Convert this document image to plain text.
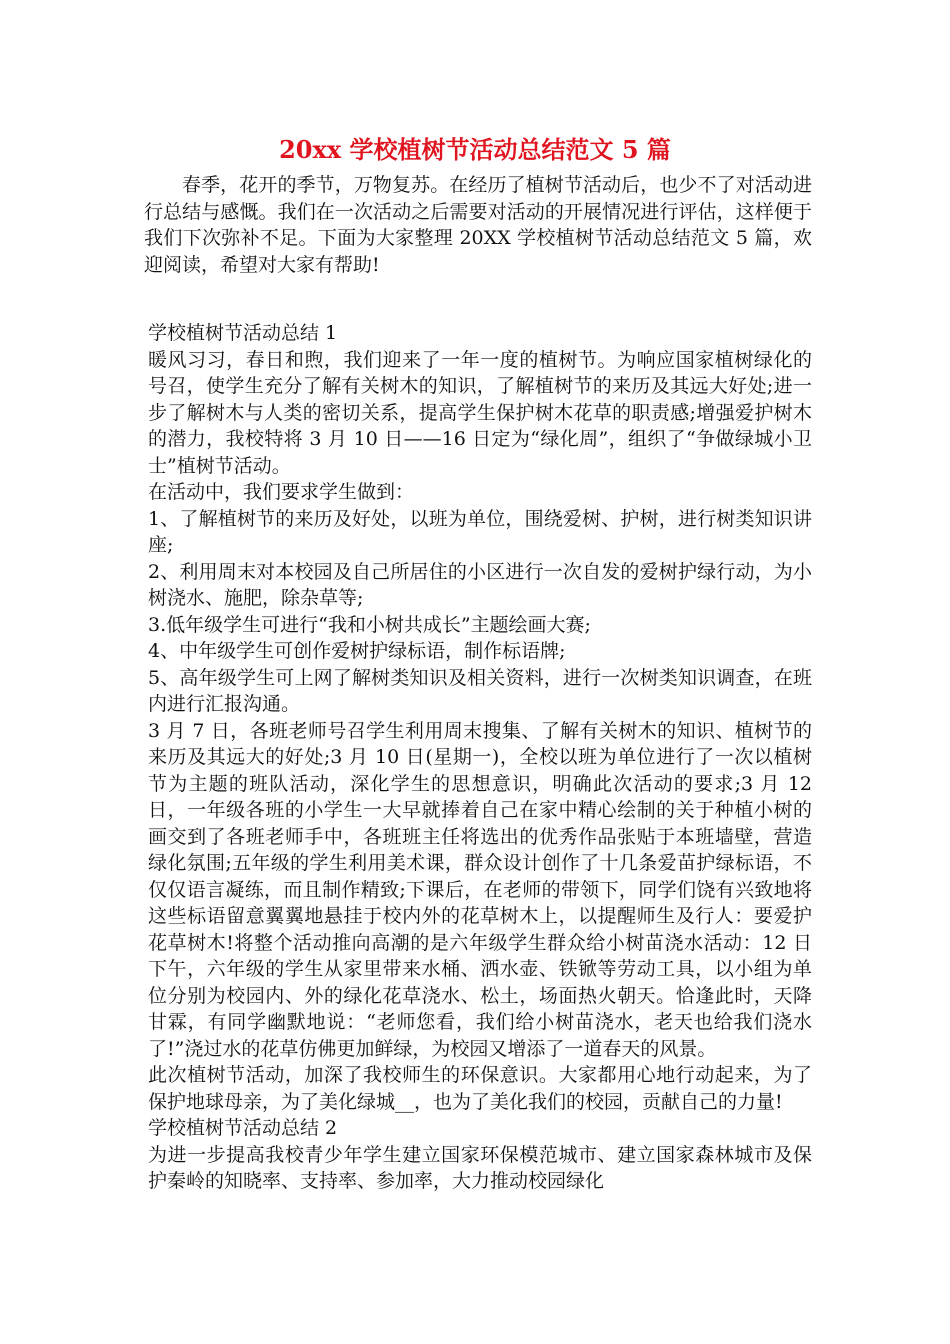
20xx 学校植树节活动总结范文 5 篇

春季，花开的季节，万物复苏。在经历了植树节活动后，也少不了对活动进行总结与感慨。我们在一次活动之后需要对活动的开展情况进行评估，这样便于我们下次弥补不足。下面为大家整理 20XX 学校植树节活动总结范文 5 篇，欢迎阅读，希望对大家有帮助!

学校植树节活动总结 1

暖风习习，春日和煦，我们迎来了一年一度的植树节。为响应国家植树绿化的号召，使学生充分了解有关树木的知识，了解植树节的来历及其远大好处;进一步了解树木与人类的密切关系，提高学生保护树木花草的职责感;增强爱护树木的潜力，我校特将 3 月 10 日——16 日定为“绿化周”，组织了“争做绿城小卫士”植树节活动。

在活动中，我们要求学生做到：

1、了解植树节的来历及好处，以班为单位，围绕爱树、护树，进行树类知识讲座;

2、利用周末对本校园及自己所居住的小区进行一次自发的爱树护绿行动，为小树浇水、施肥，除杂草等;

3.低年级学生可进行“我和小树共成长”主题绘画大赛;

4、中年级学生可创作爱树护绿标语，制作标语牌;

5、高年级学生可上网了解树类知识及相关资料，进行一次树类知识调查，在班内进行汇报沟通。

3 月 7 日，各班老师号召学生利用周末搜集、了解有关树木的知识、植树节的来历及其远大的好处;3 月 10 日(星期一)，全校以班为单位进行了一次以植树节为主题的班队活动，深化学生的思想意识，明确此次活动的要求;3 月 12 日，一年级各班的小学生一大早就捧着自己在家中精心绘制的关于种植小树的画交到了各班老师手中，各班班主任将选出的优秀作品张贴于本班墙壁，营造绿化氛围;五年级的学生利用美术课，群众设计创作了十几条爱苗护绿标语，不仅仅语言凝练，而且制作精致;下课后，在老师的带领下，同学们饶有兴致地将这些标语留意翼翼地悬挂于校内外的花草树木上，以提醒师生及行人：要爱护花草树木!将整个活动推向高潮的是六年级学生群众给小树苗浇水活动：12 日下午，六年级的学生从家里带来水桶、洒水壶、铁锨等劳动工具，以小组为单位分别为校园内、外的绿化花草浇水、松土，场面热火朝天。恰逢此时，天降甘霖，有同学幽默地说：“老师您看，我们给小树苗浇水，老天也给我们浇水了!”浇过水的花草仿佛更加鲜绿，为校园又增添了一道春天的风景。

此次植树节活动，加深了我校师生的环保意识。大家都用心地行动起来，为了保护地球母亲，为了美化绿城__，也为了美化我们的校园，贡献自己的力量!

学校植树节活动总结 2

为进一步提高我校青少年学生建立国家环保模范城市、建立国家森林城市及保护秦岭的知晓率、支持率、参加率，大力推动校园绿化
